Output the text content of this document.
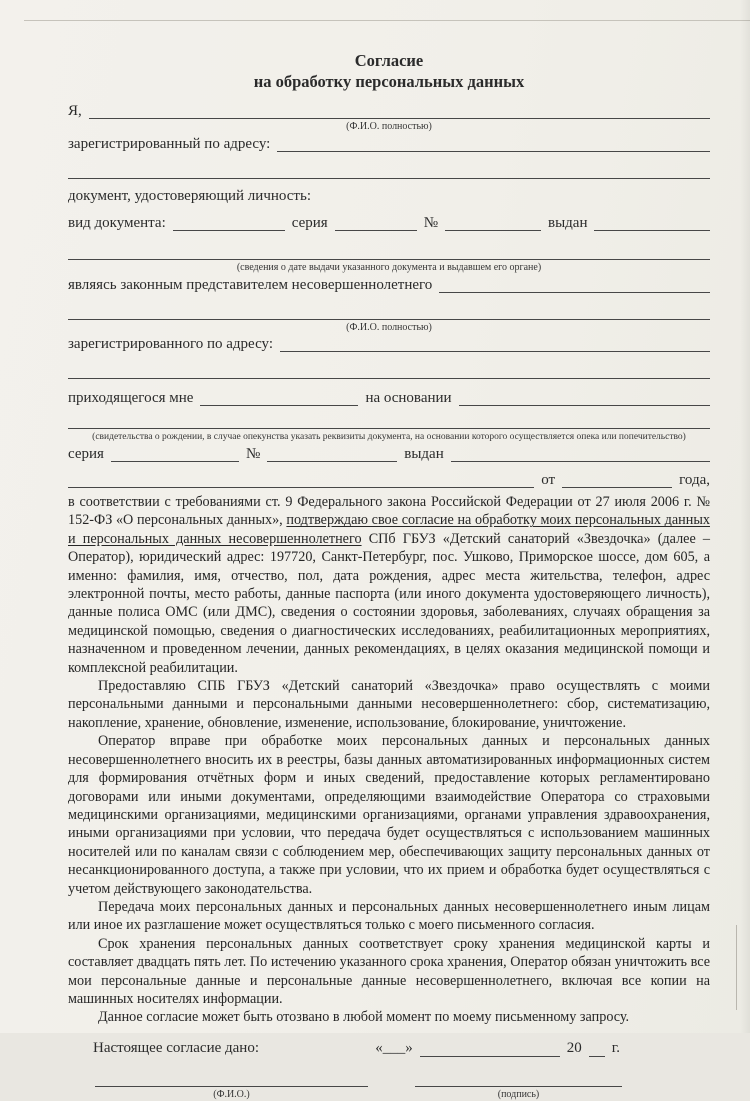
Согласие
на обработку персональных данных
Я,
(Ф.И.О. полностью)
зарегистрированный по адресу:
документ, удостоверяющий личность:
вид документа:	серия	№	выдан
(сведения о дате выдачи указанного документа и выдавшем его органе)
являясь законным представителем несовершеннолетнего
(Ф.И.О. полностью)
зарегистрированного по адресу:
приходящегося мне	на основании
(свидетельства о рождении, в случае опекунства указать реквизиты документа, на основании которого осуществляется опека или попечительство)
серия	№	выдан
от	года,

в соответствии с требованиями ст. 9 Федерального закона Российской Федерации от 27 июля 2006 г. № 152-ФЗ «О персональных данных», подтверждаю свое согласие на обработку моих персональных данных и персональных данных несовершеннолетнего СПб ГБУЗ «Детский санаторий «Звездочка» (далее – Оператор), юридический адрес: 197720, Санкт-Петербург, пос. Ушково, Приморское шоссе, дом 605, а именно: фамилия, имя, отчество, пол, дата рождения, адрес места жительства, телефон, адрес электронной почты, место работы, данные паспорта (или иного документа удостоверяющего личность), данные полиса ОМС (или ДМС), сведения о состоянии здоровья, заболеваниях, случаях обращения за медицинской помощью, сведения о диагностических исследованиях, реабилитационных мероприятиях, назначенном и проведенном лечении, данных рекомендациях, в целях оказания медицинской помощи и комплексной реабилитации.

Предоставляю СПБ ГБУЗ «Детский санаторий «Звездочка» право осуществлять с моими персональными данными и персональными данными несовершеннолетнего: сбор, систематизацию, накопление, хранение, обновление, изменение, использование, блокирование, уничтожение.

Оператор вправе при обработке моих персональных данных и персональных данных несовершеннолетнего вносить их в реестры, базы данных автоматизированных информационных систем для формирования отчётных форм и иных сведений, предоставление которых регламентировано договорами или иными документами, определяющими взаимодействие Оператора со страховыми медицинскими организациями, медицинскими организациями, органами управления здравоохранения, иными организациями при условии, что передача будет осуществляться с использованием машинных носителей или по каналам связи с соблюдением мер, обеспечивающих защиту персональных данных от несанкционированного доступа, а также при условии, что их прием и обработка будет осуществляться с учетом действующего законодательства.

Передача моих персональных данных и персональных данных несовершеннолетнего иным лицам или иное их разглашение может осуществляться только с моего письменного согласия.

Срок хранения персональных данных соответствует сроку хранения медицинской карты и составляет двадцать пять лет. По истечению указанного срока хранения, Оператор обязан уничтожить все мои персональные данные и персональные данные несовершеннолетнего, включая все копии на машинных носителях информации.

Данное согласие может быть отозвано в любой момент по моему письменному запросу.

Настоящее согласие дано:	«___»	20 г.
(Ф.И.О.)	(подпись)
